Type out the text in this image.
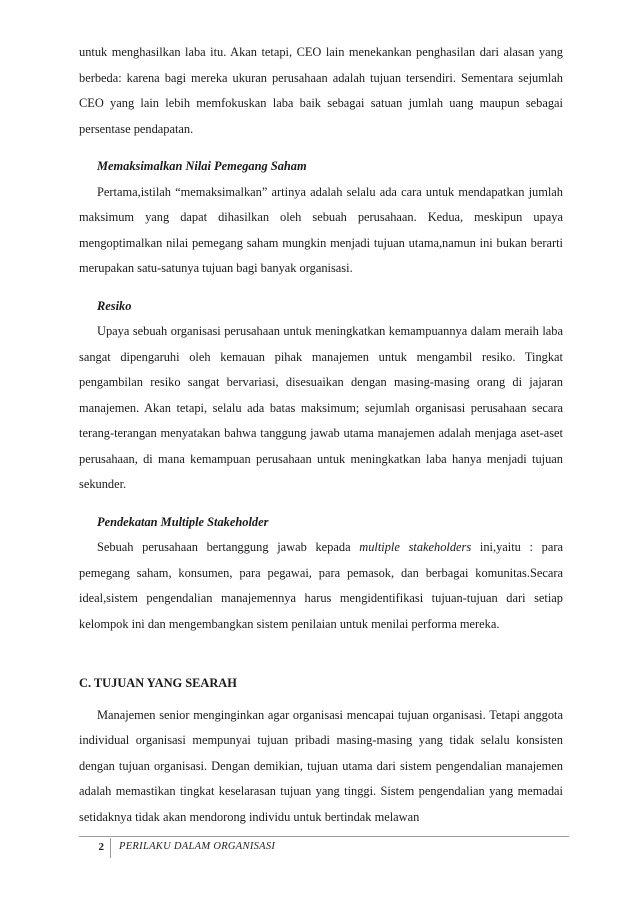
untuk menghasilkan laba itu. Akan tetapi, CEO lain menekankan penghasilan dari alasan yang berbeda: karena bagi mereka ukuran perusahaan adalah tujuan tersendiri. Sementara sejumlah CEO yang lain lebih memfokuskan laba baik sebagai satuan jumlah uang maupun sebagai persentase pendapatan.

Memaksimalkan Nilai Pemegang Saham

Pertama,istilah “memaksimalkan” artinya adalah selalu ada cara untuk mendapatkan jumlah maksimum yang dapat dihasilkan oleh sebuah perusahaan. Kedua, meskipun upaya mengoptimalkan nilai pemegang saham mungkin menjadi tujuan utama,namun ini bukan berarti merupakan satu-satunya tujuan bagi banyak organisasi.

Resiko

Upaya sebuah organisasi perusahaan untuk meningkatkan kemampuannya dalam meraih laba sangat dipengaruhi oleh kemauan pihak manajemen untuk mengambil resiko. Tingkat pengambilan resiko sangat bervariasi, disesuaikan dengan masing-masing orang di jajaran manajemen. Akan tetapi, selalu ada batas maksimum; sejumlah organisasi perusahaan secara terang-terangan menyatakan bahwa tanggung jawab utama manajemen adalah menjaga aset-aset perusahaan, di mana kemampuan perusahaan untuk meningkatkan laba hanya menjadi tujuan sekunder.

Pendekatan Multiple Stakeholder

Sebuah perusahaan bertanggung jawab kepada multiple stakeholders ini,yaitu : para pemegang saham, konsumen, para pegawai, para pemasok, dan berbagai komunitas.Secara ideal,sistem pengendalian manajemennya harus mengidentifikasi tujuan-tujuan dari setiap kelompok ini dan mengembangkan sistem penilaian untuk menilai performa mereka.

C. TUJUAN YANG SEARAH

Manajemen senior menginginkan agar organisasi mencapai tujuan organisasi. Tetapi anggota individual organisasi mempunyai tujuan pribadi masing-masing yang tidak selalu konsisten dengan tujuan organisasi. Dengan demikian, tujuan utama dari sistem pengendalian manajemen adalah memastikan tingkat keselarasan tujuan yang tinggi. Sistem pengendalian yang memadai setidaknya tidak akan mendorong individu untuk bertindak melawan

2	PERILAKU DALAM ORGANISASI
